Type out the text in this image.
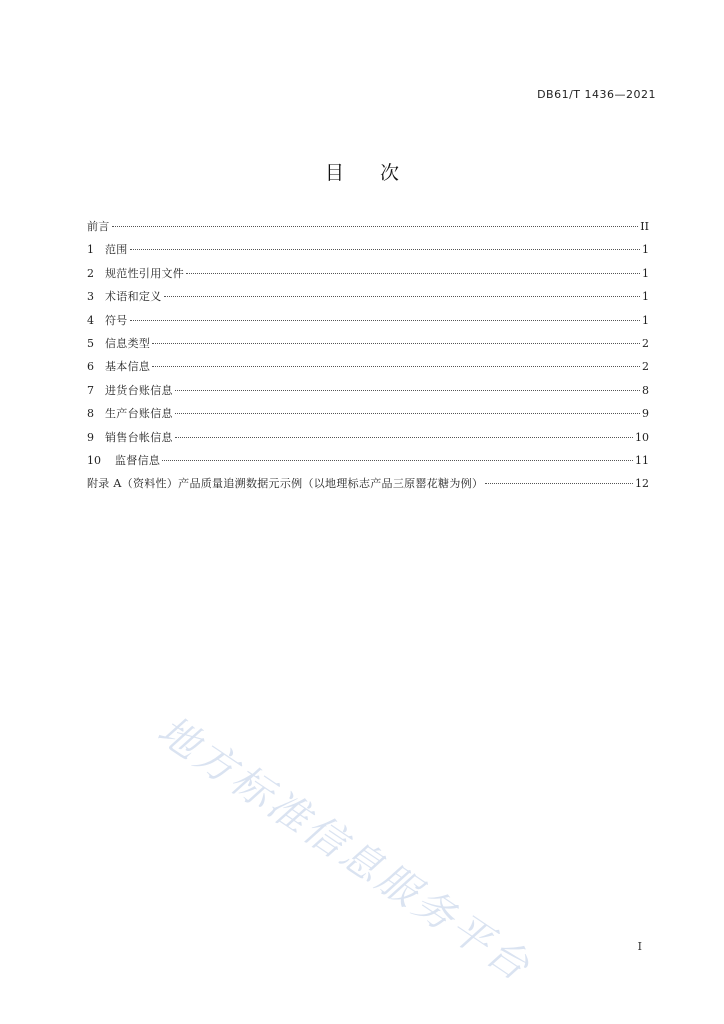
DB61/T 1436—2021
目 次
前言	II
1	范围	1
2	规范性引用文件	1
3	术语和定义	1
4	符号	1
5	信息类型	2
6	基本信息	2
7	进货台账信息	8
8	生产台账信息	9
9	销售台帐信息	10
10	监督信息	11
附录 A（资料性）产品质量追溯数据元示例（以地理标志产品三原罂花糖为例）	12
地方标准信息服务平台	I
